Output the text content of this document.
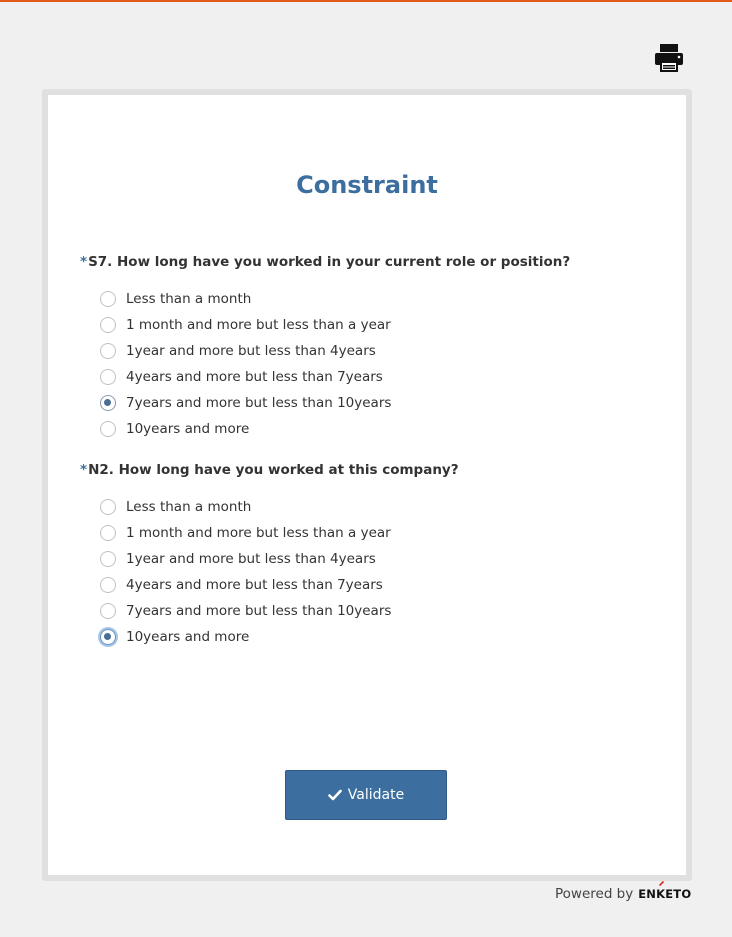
Constraint

*S7. How long have you worked in your current role or position?

Less than a month
1 month and more but less than a year
1year and more but less than 4years
4years and more but less than 7years
7years and more but less than 10years
10years and more

*N2. How long have you worked at this company?

Less than a month
1 month and more but less than a year
1year and more but less than 4years
4years and more but less than 7years
7years and more but less than 10years
10years and more
Validate
Powered by ENKETO
